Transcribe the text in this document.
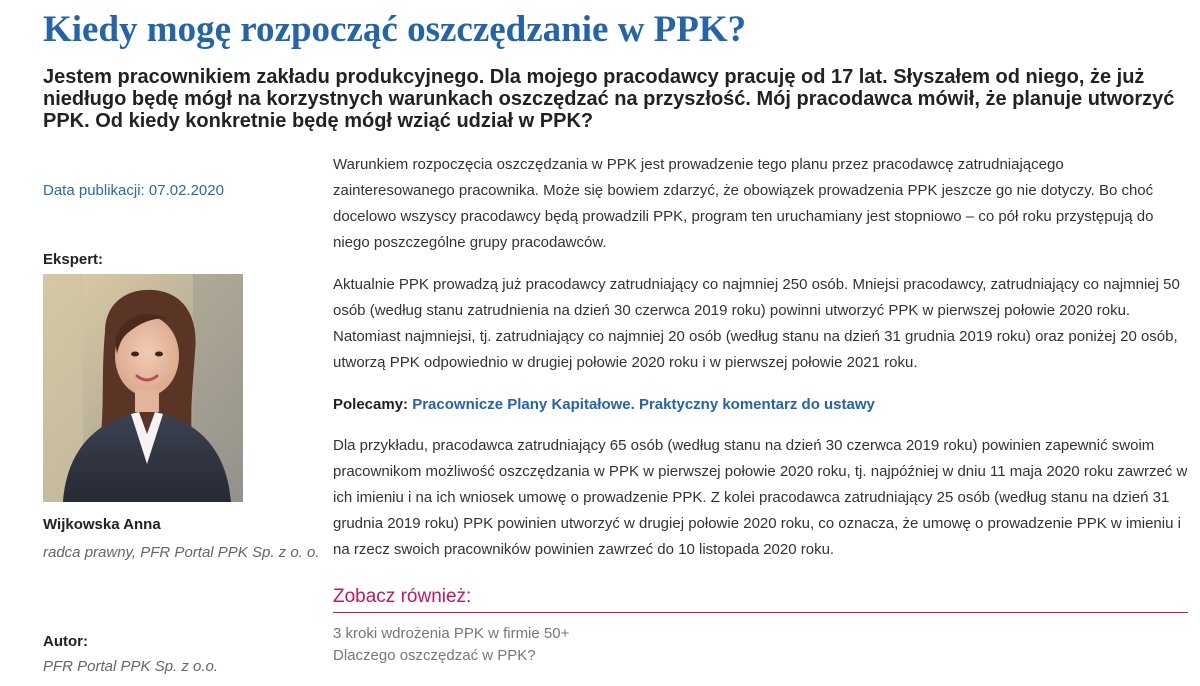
Kiedy mogę rozpocząć oszczędzanie w PPK?

Jestem pracownikiem zakładu produkcyjnego. Dla mojego pracodawcy pracuję od 17 lat. Słyszałem od niego, że już niedługo będę mógł na korzystnych warunkach oszczędzać na przyszłość. Mój pracodawca mówił, że planuje utworzyć PPK. Od kiedy konkretnie będę mógł wziąć udział w PPK?

Data publikacji: 07.02.2020
Ekspert:
Wijkowska Anna
radca prawny, PFR Portal PPK Sp. z o. o.
Autor:
PFR Portal PPK Sp. z o.o.

Warunkiem rozpoczęcia oszczędzania w PPK jest prowadzenie tego planu przez pracodawcę zatrudniającego zainteresowanego pracownika. Może się bowiem zdarzyć, że obowiązek prowadzenia PPK jeszcze go nie dotyczy. Bo choć docelowo wszyscy pracodawcy będą prowadzili PPK, program ten uruchamiany jest stopniowo – co pół roku przystępują do niego poszczególne grupy pracodawców.

Aktualnie PPK prowadzą już pracodawcy zatrudniający co najmniej 250 osób. Mniejsi pracodawcy, zatrudniający co najmniej 50 osób (według stanu zatrudnienia na dzień 30 czerwca 2019 roku) powinni utworzyć PPK w pierwszej połowie 2020 roku. Natomiast najmniejsi, tj. zatrudniający co najmniej 20 osób (według stanu na dzień 31 grudnia 2019 roku) oraz poniżej 20 osób, utworzą PPK odpowiednio w drugiej połowie 2020 roku i w pierwszej połowie 2021 roku.

Polecamy: Pracownicze Plany Kapitałowe. Praktyczny komentarz do ustawy

Dla przykładu, pracodawca zatrudniający 65 osób (według stanu na dzień 30 czerwca 2019 roku) powinien zapewnić swoim pracownikom możliwość oszczędzania w PPK w pierwszej połowie 2020 roku, tj. najpóźniej w dniu 11 maja 2020 roku zawrzeć w ich imieniu i na ich wniosek umowę o prowadzenie PPK. Z kolei pracodawca zatrudniający 25 osób (według stanu na dzień 31 grudnia 2019 roku) PPK powinien utworzyć w drugiej połowie 2020 roku, co oznacza, że umowę o prowadzenie PPK w imieniu i na rzecz swoich pracowników powinien zawrzeć do 10 listopada 2020 roku.

Zobacz również:
3 kroki wdrożenia PPK w firmie 50+
Dlaczego oszczędzać w PPK?
